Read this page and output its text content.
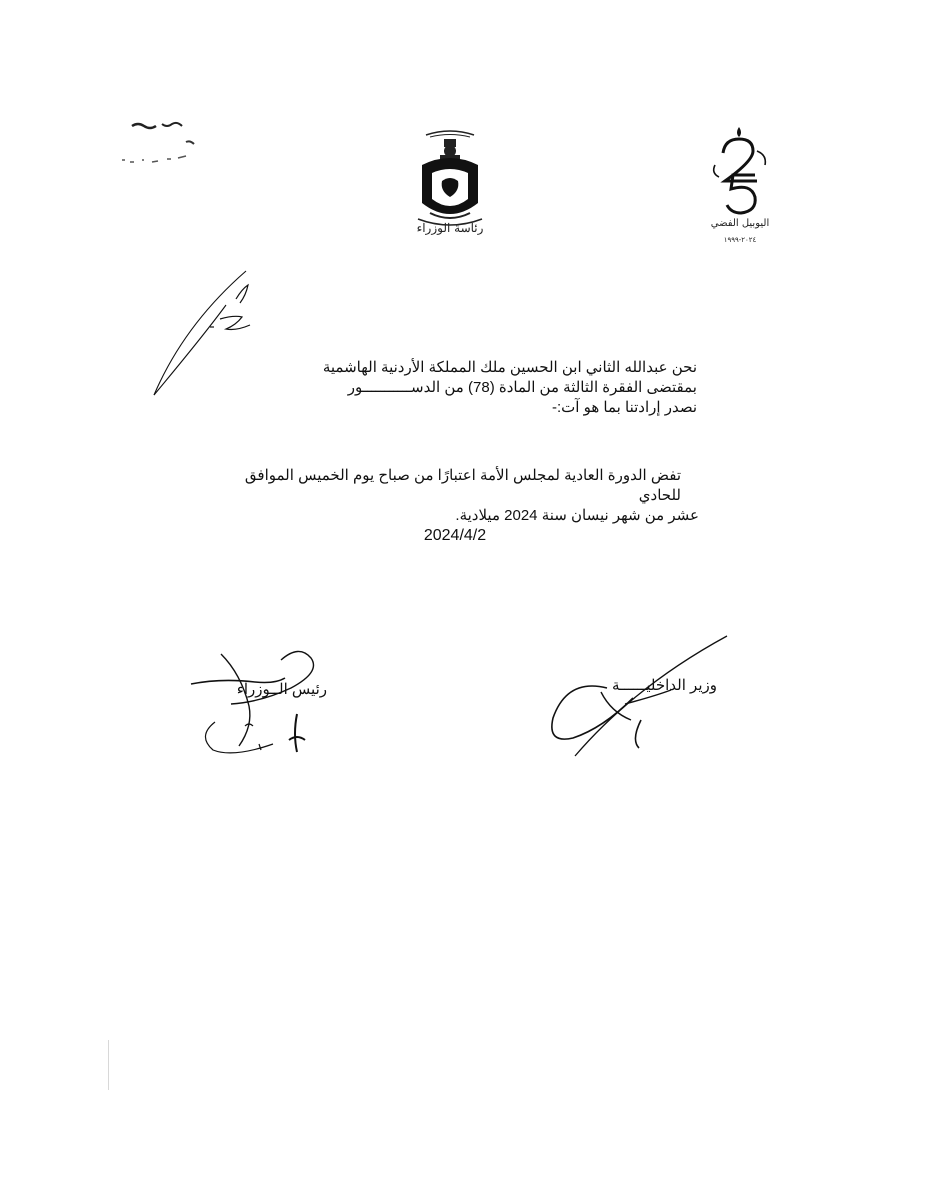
رئاسة الوزراء	اليوبيل الفضي
٢٠٢٤-١٩٩٩
نحن عبدالله الثاني ابن الحسين ملك المملكة الأردنية الهاشمية
بمقتضى الفقرة الثالثة من المادة (78) من الدســـــــــــور
نصدر إرادتنا بما هو آت:-
تفض الدورة العادية لمجلس الأمة اعتبارًا من صباح يوم الخميس الموافق للحادي
عشر من شهر نيسان سنة 2024 ميلادية.
2024/4/2
رئيس الــوزراء	وزير الداخليــــــة
